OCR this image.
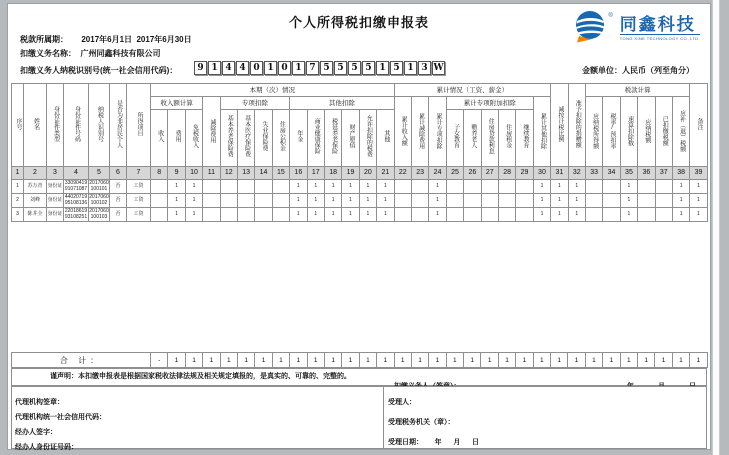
个人所得税扣缴申报表	® 同鑫科技
TONG XINE TECHNOLOGY CO.,LTD.
税款所属期： 2017年6月1日  2017年6月30日
扣缴义务名称： 广州同鑫科技有限公司
扣缴义务人纳税识别号(统一社会信用代码)：	9 1 4 4 0 1 0 1 7 5 5 5 5 1 5 1 3 W	金额单位：人民币（列至角分）
序号	姓名	身份证件类型	身份证件号码	纳税人识别号	是否为非居民个人	所得项目	本期（次）情况														累计情况（工资、薪金）									减按计税比例	准予扣除的捐赠额	税款计算						备注
							收入额计算			减除费用	专项扣除				其他扣除						累计收入额	累计减除费用	累计专项扣除	累计专项附加扣除					累计其他扣除			应纳税所得额	税率/预扣率	速算扣除数	应纳税额	已扣缴税额	应补（退）税额	
							收入	费用	免税收入		基本养老保险费	基本医疗保险费	失业保险费	住房公积金	年金	商业健康保险	税延养老保险	财产原值	允许扣除的税费	其他				子女教育	赡养老人	住房贷款利息	住房租金	继续教育										
1	2	3	4	5	6	7	8	9	10	11	12	13	14	15	16	17	18	19	20	21	22	23	24	25	26	27	28	29	30	31	32	33	34	35	36	37	38	39
1	苏万青	身份证	3309041991071087	2017060100101	否	工资		1	1						1	1	1	1	1	1			1						1	1	1			1			1	1
2	刘峰	身份证	4402071995108136	2017060100102	否	工资		1	1						1	1	1	1	1	1			1						1	1	1			1			1	1
3	陈井全	身份证	2201861993108251	2017060100103	否	工资		1	1						1	1	1	1	1	1			1						1	1	1			1			1	1
合 计：	-	1	1	1	1	1	1	1	1	1	1	1	1	1	1	1	1	1	1	1	1	1	1	1	1	1	1	1	1	1	1	1
谨声明：本扣缴申报表是根据国家税收法律法规及相关规定填报的，是真实的、可靠的、完整的。
代理机构签章：
代理机构统一社会信用代码：
经办人签字：
经办人身份证号码：
受理人：
受理税务机关（章）：
受理日期：      年      月      日
